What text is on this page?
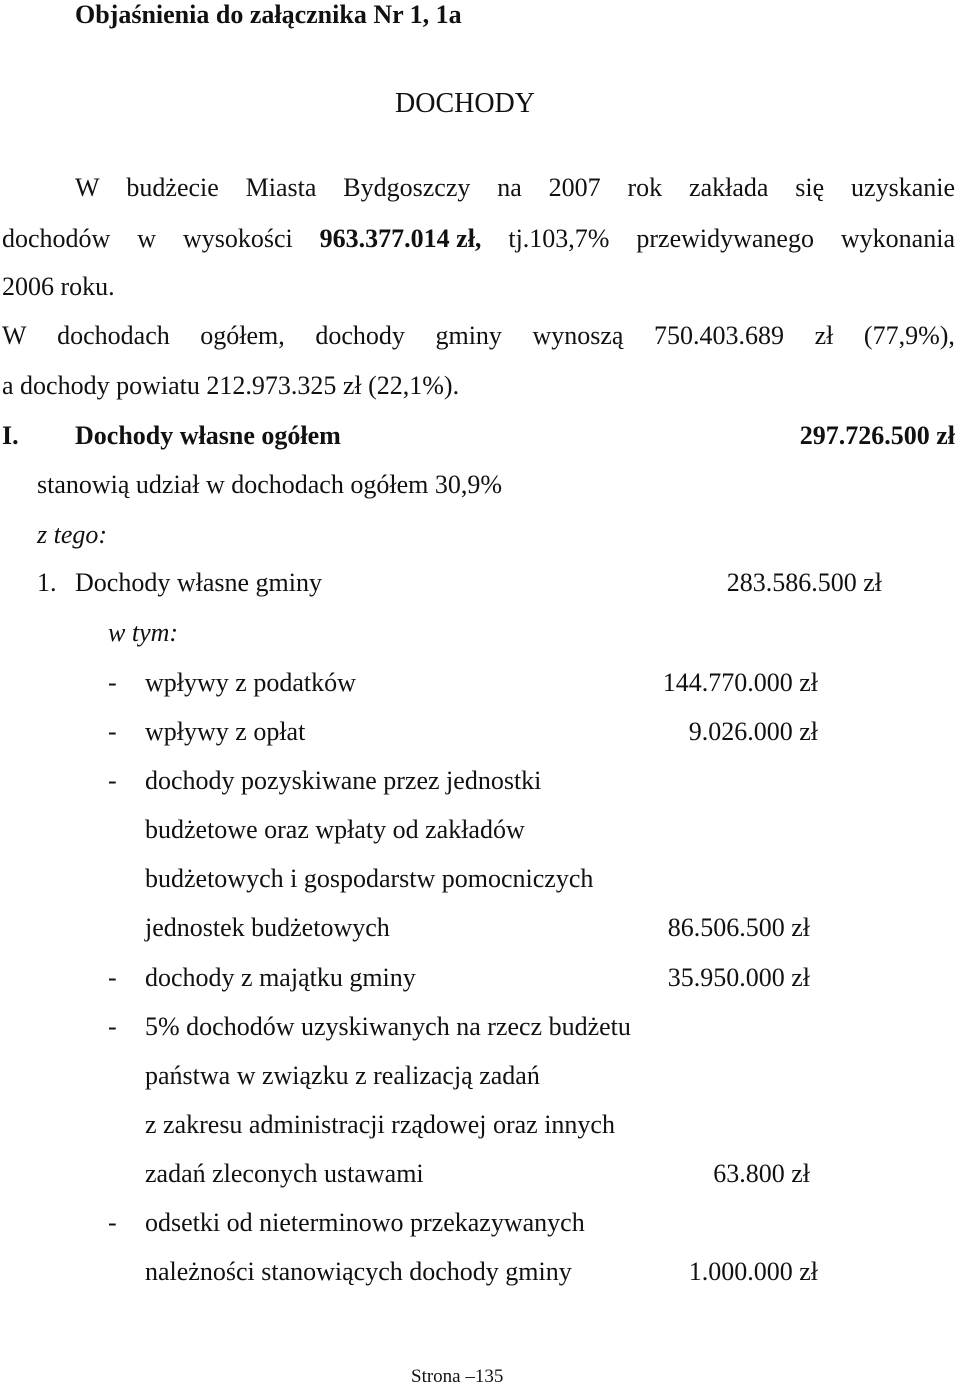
Objaśnienia do załącznika Nr 1, 1a
DOCHODY
W budżecie Miasta Bydgoszczy na 2007 rok zakłada się uzyskanie
dochodów w wysokości 963.377.014 zł, tj.103,7% przewidywanego wykonania
2006 roku.
W dochodach ogółem, dochody gminy wynoszą 750.403.689 zł (77,9%),
a dochody powiatu 212.973.325 zł (22,1%).
I. Dochody własne ogółem	297.726.500 zł
stanowią udział w dochodach ogółem 30,9%
z tego:
1. Dochody własne gminy	283.586.500 zł
w tym:
- wpływy z podatków	144.770.000 zł
- wpływy z opłat	9.026.000 zł
- dochody pozyskiwane przez jednostki
budżetowe oraz wpłaty od zakładów
budżetowych i gospodarstw pomocniczych
jednostek budżetowych	86.506.500 zł
- dochody z majątku gminy	35.950.000 zł
- 5% dochodów uzyskiwanych na rzecz budżetu
państwa w związku z realizacją zadań
z zakresu administracji rządowej oraz innych
zadań zleconych ustawami	63.800 zł
- odsetki od nieterminowo przekazywanych
należności stanowiących dochody gminy	1.000.000 zł
Strona –135
